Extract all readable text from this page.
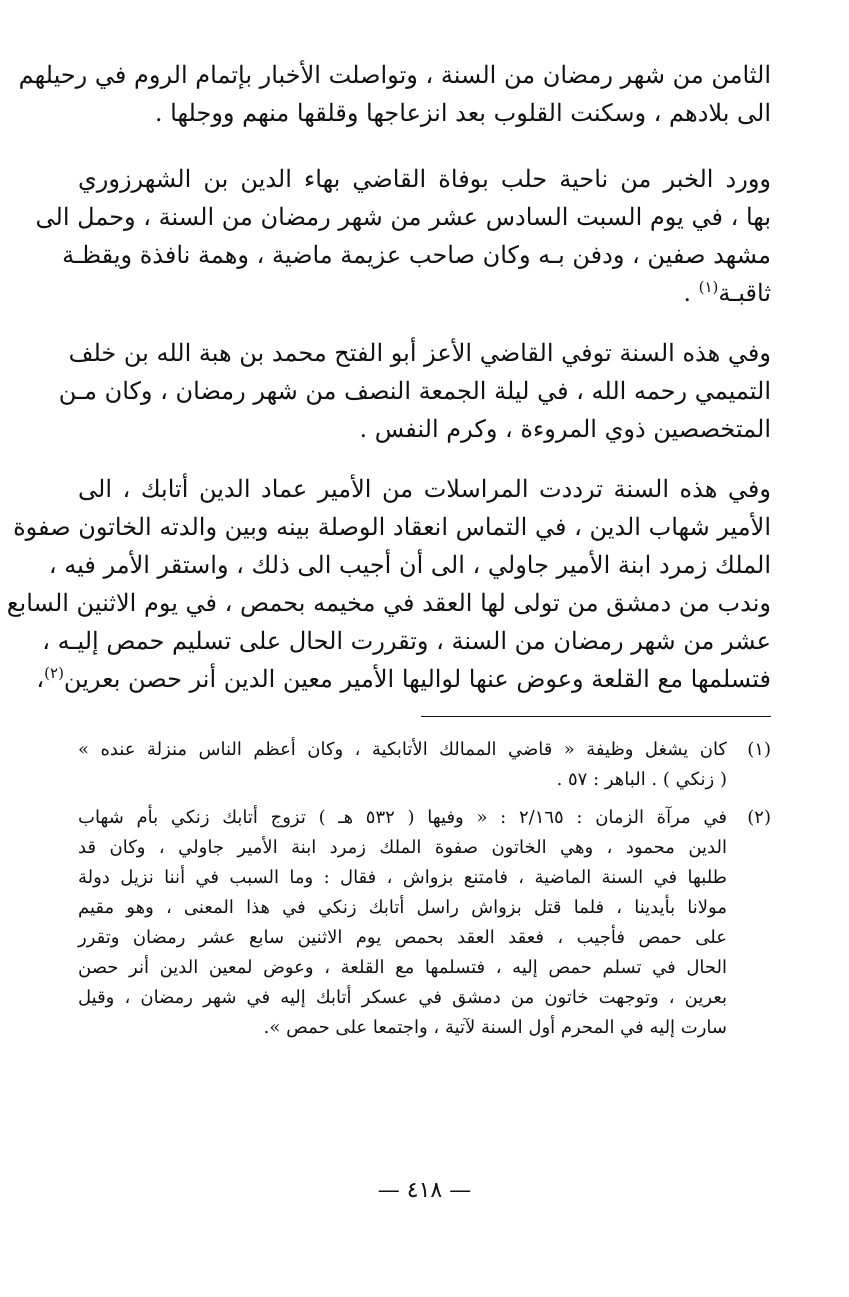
الثامن من شهر رمضان من السنة ، وتواصلت الأخبار بإتمام الروم في رحيلهم
الى بلادهم ، وسكنت القلوب بعد انزعاجها وقلقها منهم ووجلها .
وورد الخبر من ناحية حلب بوفاة القاضي بهاء الدين بن الشهرزوري
بها ، في يوم السبت السادس عشر من شهر رمضان من السنة ، وحمل الى
مشهد صفين ، ودفن بـه وكان صاحب عزيمة ماضية ، وهمة نافذة ويقظـة
ثاقبـة$^{(١)}$ .
وفي هذه السنة توفي القاضي الأعز أبو الفتح محمد بن هبة الله بن خلف
التميمي رحمه الله ، في ليلة الجمعة النصف من شهر رمضان ، وكان مـن
المتخصصين ذوي المروءة ، وكرم النفس .
وفي هذه السنة ترددت المراسلات من الأمير عماد الدين أتابك ، الى
الأمير شهاب الدين ، في التماس انعقاد الوصلة بينه وبين والدته الخاتون صفوة
الملك زمرد ابنة الأمير جاولي ، الى أن أجيب الى ذلك ، واستقر الأمر فيه ،
وندب من دمشق من تولى لها العقد في مخيمه بحمص ، في يوم الاثنين السابع
عشر من شهر رمضان من السنة ، وتقررت الحال على تسليم حمص إليـه ،
فتسلمها مع القلعة وعوض عنها لواليها الأمير معين الدين أنر حصن بعرين$^{(٢)}$،
(١)
كان يشغل وظيفة « قاضي الممالك الأتابكية ، وكان أعظم الناس منزلة عنده »
( زنكي ) . الباهر : ٥٧ .
(٢)
في مرآة الزمان : ٢/١٦٥ : « وفيها ( ٥٣٢ هـ ) تزوج أتابك زنكي بأم شهاب
الدين محمود ، وهي الخاتون صفوة الملك زمرد ابنة الأمير جاولي ، وكان قد
طلبها في السنة الماضية ، فامتنع بزواش ، فقال : وما السبب في أننا نزيل دولة
مولانا بأيدينا ، فلما قتل بزواش راسل أتابك زنكي في هذا المعنى ، وهو مقيم
على حمص فأجيب ، فعقد العقد بحمص يوم الاثنين سابع عشر رمضان وتقرر
الحال في تسلم حمص إليه ، فتسلمها مع القلعة ، وعوض لمعين الدين أنر حصن
بعرين ، وتوجهت خاتون من دمشق في عسكر أتابك إليه في شهر رمضان ، وقيل
سارت إليه في المحرم أول السنة لآتية ، واجتمعا على حمص ».
— ٤١٨ —
